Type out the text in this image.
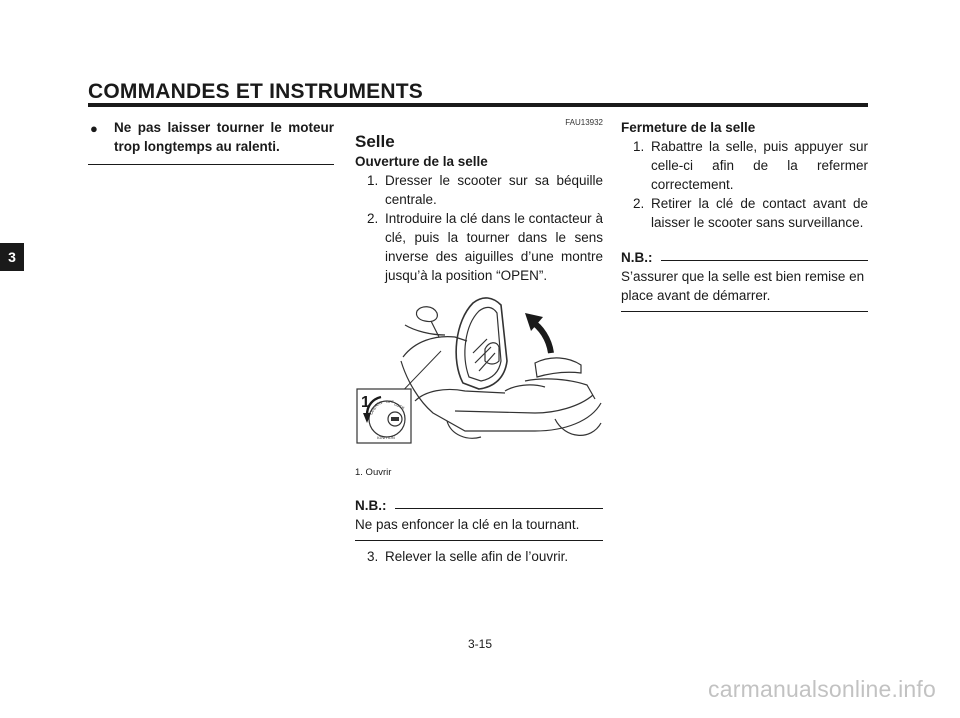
COMMANDES ET INSTRUMENTS
3
● Ne pas laisser tourner le moteur trop longtemps au ralenti.
FAU13932
Selle
Ouverture de la selle
1. Dresser le scooter sur sa béquille centrale.
2. Introduire la clé dans le contacteur à clé, puis la tourner dans le sens inverse des aiguilles d’une montre jusqu’à la position “OPEN”.
1
OPEN
ON OFF LOCK
IGNITION
1. Ouvrir
N.B.:
Ne pas enfoncer la clé en la tournant.
3. Relever la selle afin de l’ouvrir.
Fermeture de la selle
1. Rabattre la selle, puis appuyer sur celle-ci afin de la refermer correctement.
2. Retirer la clé de contact avant de laisser le scooter sans surveillance.
N.B.:
S’assurer que la selle est bien remise en place avant de démarrer.
3-15
carmanualsonline.info
